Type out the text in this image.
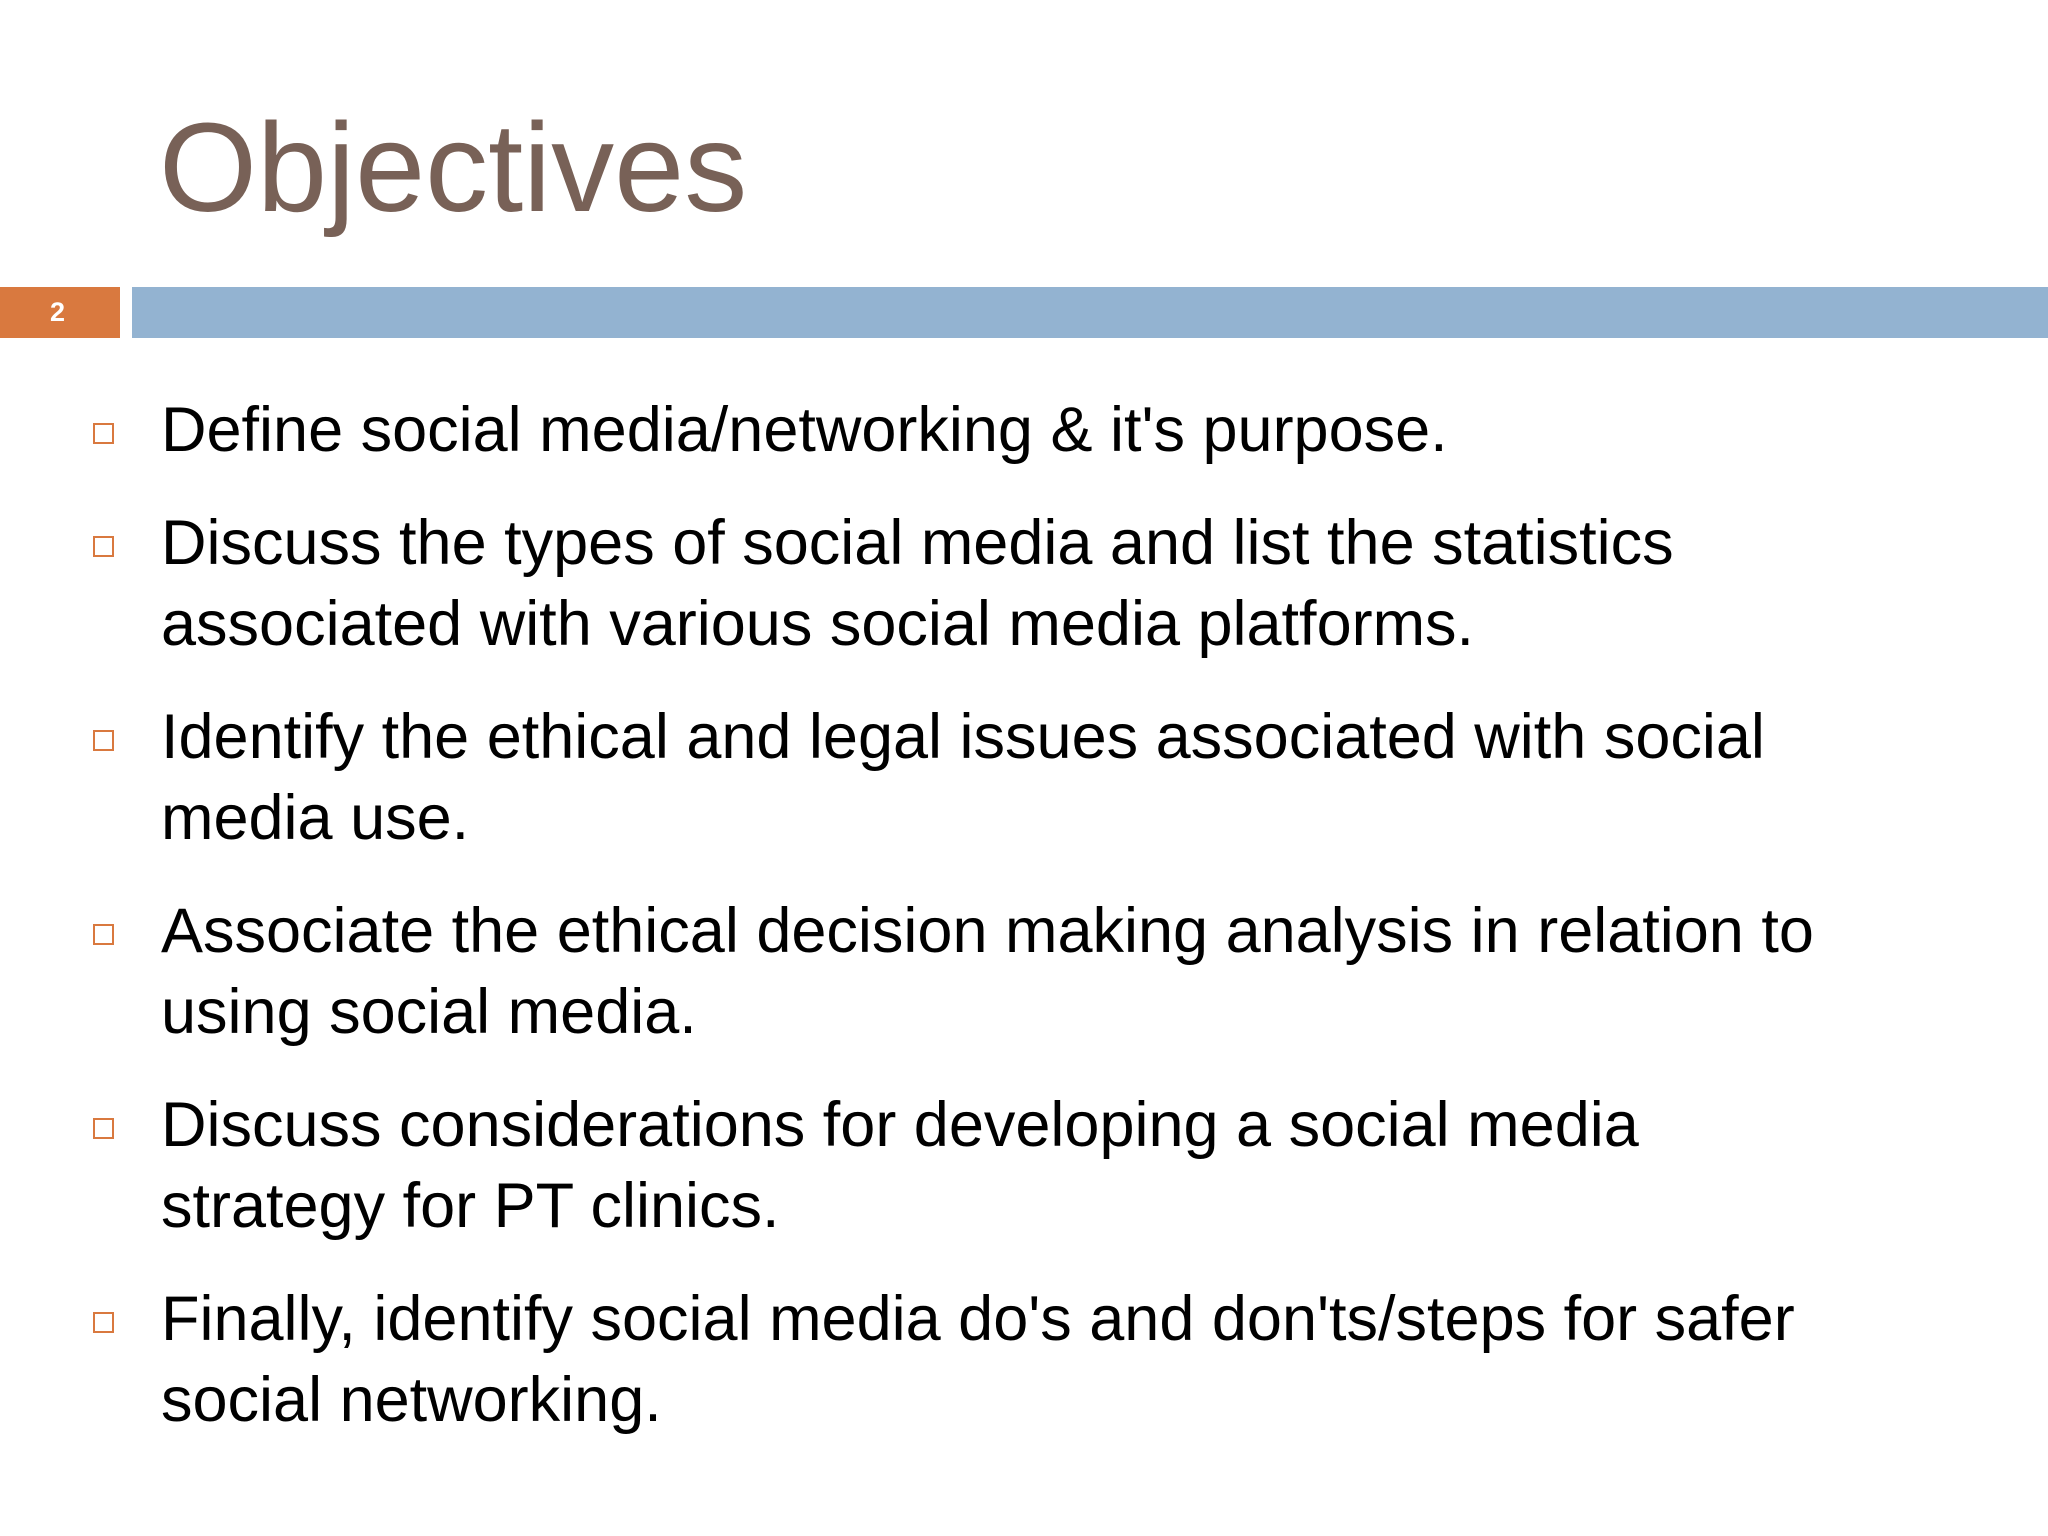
Objectives
2
Define social media/networking & it's purpose.
Discuss the types of social media and list the statistics associated with various social media platforms.
Identify the ethical and legal issues associated with social media use.
Associate the ethical decision making analysis in relation to using social media.
Discuss considerations for developing a social media strategy for PT clinics.
Finally, identify social media do's and don'ts/steps for safer social networking.
